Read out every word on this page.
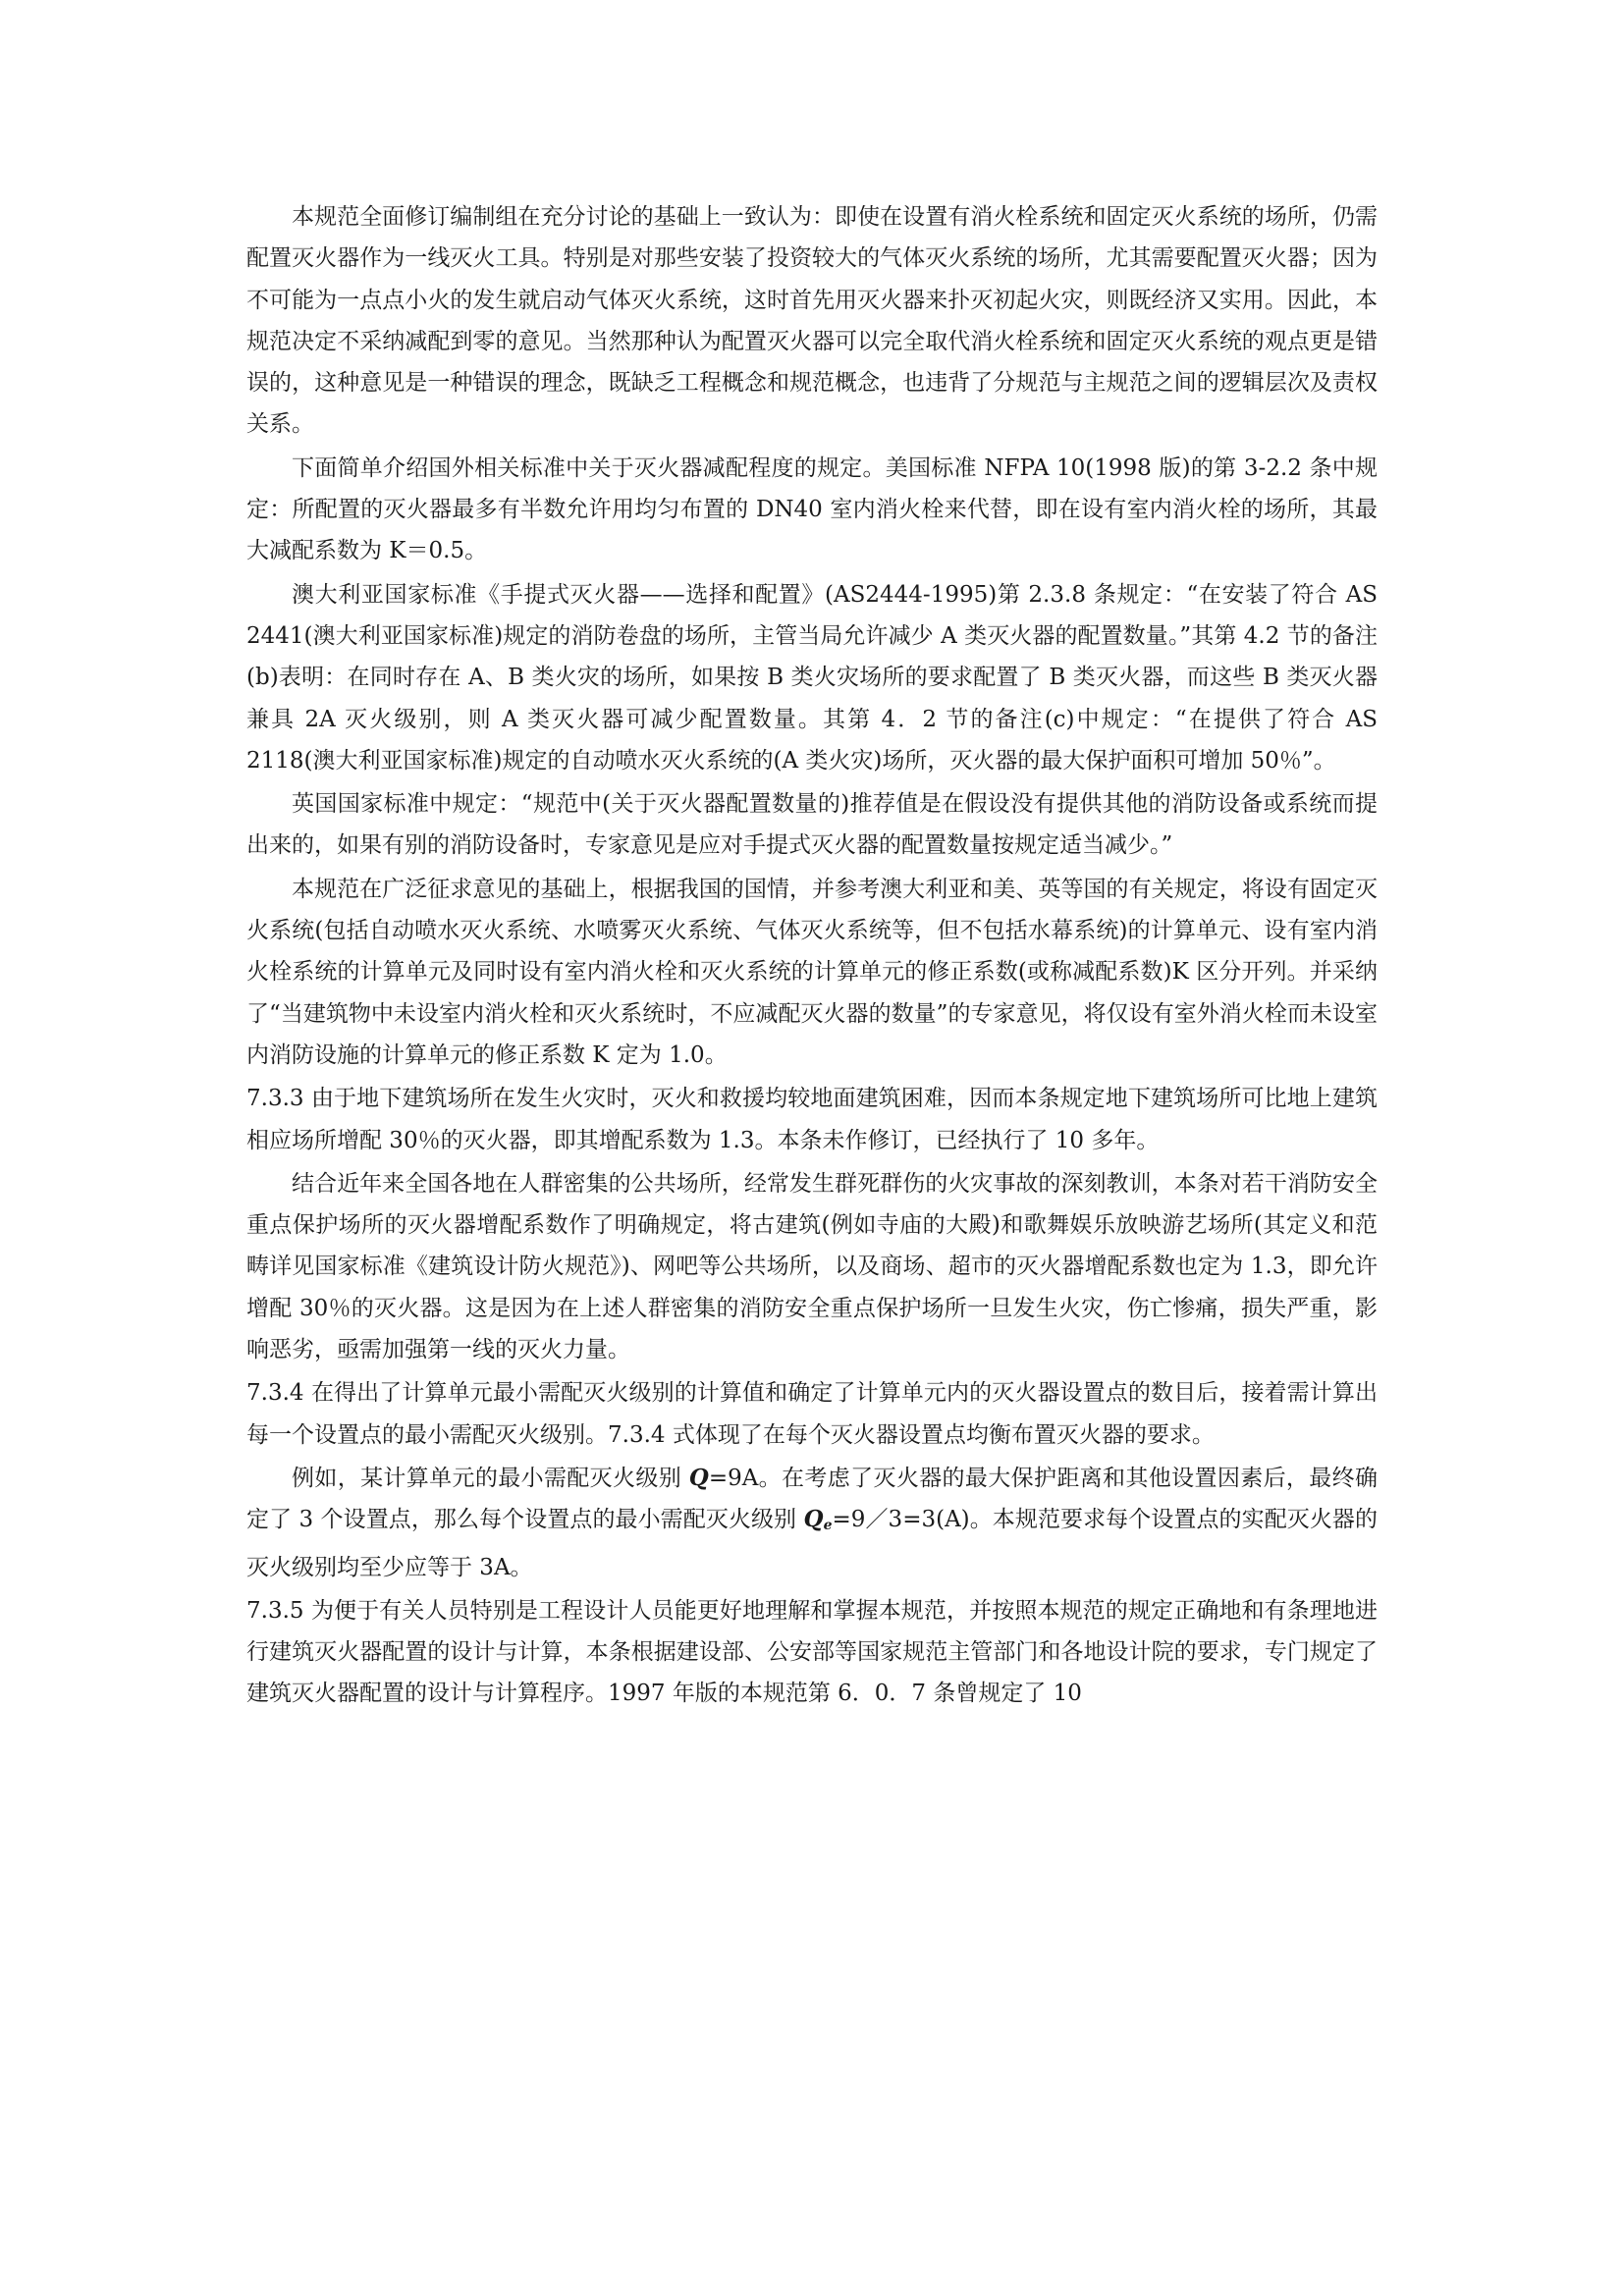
本规范全面修订编制组在充分讨论的基础上一致认为：即使在设置有消火栓系统和固定灭火系统的场所，仍需配置灭火器作为一线灭火工具。特别是对那些安装了投资较大的气体灭火系统的场所，尤其需要配置灭火器；因为不可能为一点点小火的发生就启动气体灭火系统，这时首先用灭火器来扑灭初起火灾，则既经济又实用。因此，本规范决定不采纳减配到零的意见。当然那种认为配置灭火器可以完全取代消火栓系统和固定灭火系统的观点更是错误的，这种意见是一种错误的理念，既缺乏工程概念和规范概念，也违背了分规范与主规范之间的逻辑层次及责权关系。

下面简单介绍国外相关标准中关于灭火器减配程度的规定。美国标准 NFPA 10(1998 版)的第 3-2.2 条中规定：所配置的灭火器最多有半数允许用均匀布置的 DN40 室内消火栓来代替，即在设有室内消火栓的场所，其最大减配系数为 K＝0.5。

澳大利亚国家标准《手提式灭火器——选择和配置》(AS2444-1995)第 2.3.8 条规定：“在安装了符合 AS 2441(澳大利亚国家标准)规定的消防卷盘的场所，主管当局允许减少 A 类灭火器的配置数量。”其第 4.2 节的备注(b)表明：在同时存在 A、B 类火灾的场所，如果按 B 类火灾场所的要求配置了 B 类灭火器，而这些 B 类灭火器兼具 2A 灭火级别，则 A 类灭火器可减少配置数量。其第 4．2 节的备注(c)中规定：“在提供了符合 AS 2118(澳大利亚国家标准)规定的自动喷水灭火系统的(A 类火灾)场所，灭火器的最大保护面积可增加 50％”。

英国国家标准中规定：“规范中(关于灭火器配置数量的)推荐值是在假设没有提供其他的消防设备或系统而提出来的，如果有别的消防设备时，专家意见是应对手提式灭火器的配置数量按规定适当减少。”

本规范在广泛征求意见的基础上，根据我国的国情，并参考澳大利亚和美、英等国的有关规定，将设有固定灭火系统(包括自动喷水灭火系统、水喷雾灭火系统、气体灭火系统等，但不包括水幕系统)的计算单元、设有室内消火栓系统的计算单元及同时设有室内消火栓和灭火系统的计算单元的修正系数(或称减配系数)K 区分开列。并采纳了“当建筑物中未设室内消火栓和灭火系统时，不应减配灭火器的数量”的专家意见，将仅设有室外消火栓而未设室内消防设施的计算单元的修正系数 K 定为 1.0。

7.3.3 由于地下建筑场所在发生火灾时，灭火和救援均较地面建筑困难，因而本条规定地下建筑场所可比地上建筑相应场所增配 30％的灭火器，即其增配系数为 1.3。本条未作修订，已经执行了 10 多年。

结合近年来全国各地在人群密集的公共场所，经常发生群死群伤的火灾事故的深刻教训，本条对若干消防安全重点保护场所的灭火器增配系数作了明确规定，将古建筑(例如寺庙的大殿)和歌舞娱乐放映游艺场所(其定义和范畴详见国家标准《建筑设计防火规范》)、网吧等公共场所，以及商场、超市的灭火器增配系数也定为 1.3，即允许增配 30％的灭火器。这是因为在上述人群密集的消防安全重点保护场所一旦发生火灾，伤亡惨痛，损失严重，影响恶劣，亟需加强第一线的灭火力量。

7.3.4 在得出了计算单元最小需配灭火级别的计算值和确定了计算单元内的灭火器设置点的数目后，接着需计算出每一个设置点的最小需配灭火级别。7.3.4 式体现了在每个灭火器设置点均衡布置灭火器的要求。

例如，某计算单元的最小需配灭火级别 Q=9A。在考虑了灭火器的最大保护距离和其他设置因素后，最终确定了 3 个设置点，那么每个设置点的最小需配灭火级别 $Q_e=9/3=3(A)$。本规范要求每个设置点的实配灭火器的灭火级别均至少应等于 3A。

7.3.5 为便于有关人员特别是工程设计人员能更好地理解和掌握本规范，并按照本规范的规定正确地和有条理地进行建筑灭火器配置的设计与计算，本条根据建设部、公安部等国家规范主管部门和各地设计院的要求，专门规定了建筑灭火器配置的设计与计算程序。1997 年版的本规范第 6．0．7 条曾规定了 10
